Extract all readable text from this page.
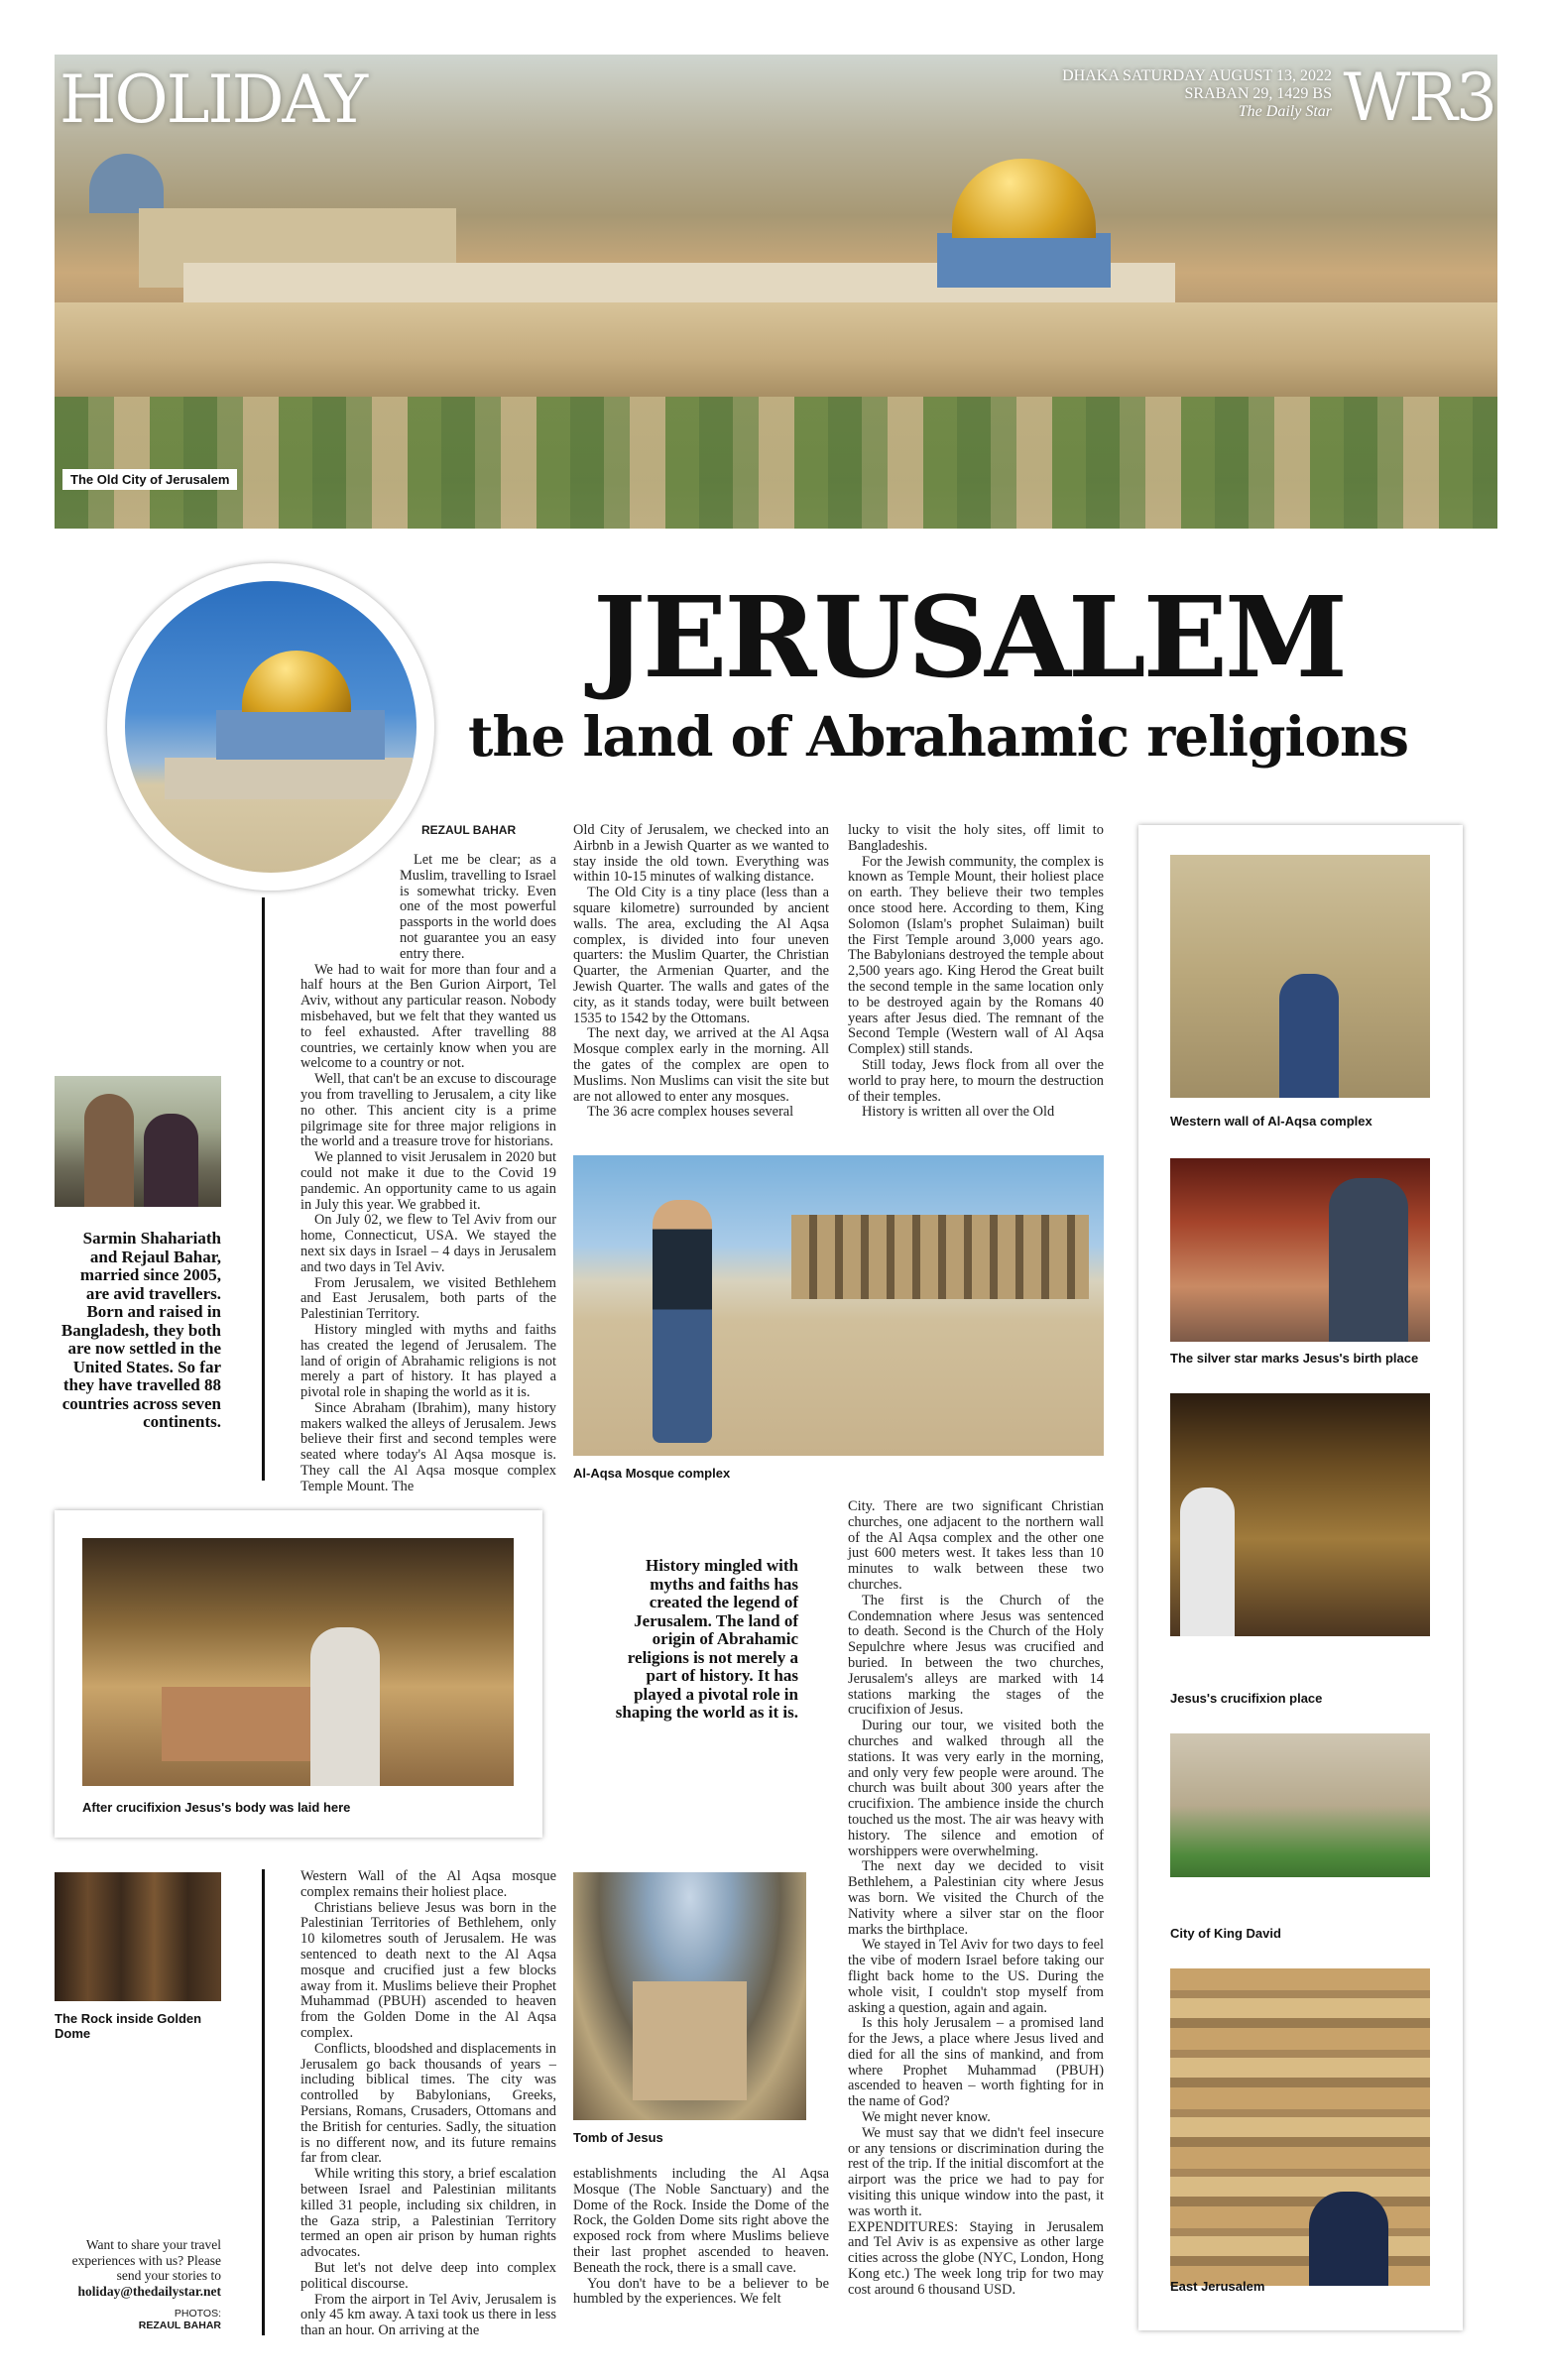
HOLIDAY	DHAKA SATURDAY AUGUST 13, 2022
SRABAN 29, 1429 BS
The Daily Star WR3
The Old City of Jerusalem
JERUSALEM
the land of Abrahamic religions
REZAUL BAHAR

Let me be clear; as a Muslim, travelling to Israel is somewhat tricky. Even one of the most powerful passports in the world does not guarantee you an easy entry there.

We had to wait for more than four and a half hours at the Ben Gurion Airport, Tel Aviv, without any particular reason. Nobody misbehaved, but we felt that they wanted us to feel exhausted. After travelling 88 countries, we certainly know when you are welcome to a country or not.

Well, that can't be an excuse to discourage you from travelling to Jerusalem, a city like no other. This ancient city is a prime pilgrimage site for three major religions in the world and a treasure trove for historians.

We planned to visit Jerusalem in 2020 but could not make it due to the Covid 19 pandemic. An opportunity came to us again in July this year. We grabbed it.

On July 02, we flew to Tel Aviv from our home, Connecticut, USA. We stayed the next six days in Israel – 4 days in Jerusalem and two days in Tel Aviv.

From Jerusalem, we visited Bethlehem and East Jerusalem, both parts of the Palestinian Territory.

History mingled with myths and faiths has created the legend of Jerusalem. The land of origin of Abrahamic religions is not merely a part of history. It has played a pivotal role in shaping the world as it is.

Since Abraham (Ibrahim), many history makers walked the alleys of Jerusalem. Jews believe their first and second temples were seated where today's Al Aqsa mosque is. They call the Al Aqsa mosque complex Temple Mount. The

Old City of Jerusalem, we checked into an Airbnb in a Jewish Quarter as we wanted to stay inside the old town. Everything was within 10-15 minutes of walking distance.

The Old City is a tiny place (less than a square kilometre) surrounded by ancient walls. The area, excluding the Al Aqsa complex, is divided into four uneven quarters: the Muslim Quarter, the Christian Quarter, the Armenian Quarter, and the Jewish Quarter. The walls and gates of the city, as it stands today, were built between 1535 to 1542 by the Ottomans.

The next day, we arrived at the Al Aqsa Mosque complex early in the morning. All the gates of the complex are open to Muslims. Non Muslims can visit the site but are not allowed to enter any mosques.

The 36 acre complex houses several

lucky to visit the holy sites, off limit to Bangladeshis.

For the Jewish community, the complex is known as Temple Mount, their holiest place on earth. They believe their two temples once stood here. According to them, King Solomon (Islam's prophet Sulaiman) built the First Temple around 3,000 years ago. The Babylonians destroyed the temple about 2,500 years ago. King Herod the Great built the second temple in the same location only to be destroyed again by the Romans 40 years after Jesus died. The remnant of the Second Temple (Western wall of Al Aqsa Complex) still stands.

Still today, Jews flock from all over the world to pray here, to mourn the destruction of their temples.

History is written all over the Old

Sarmin Shahariath and Rejaul Bahar, married since 2005, are avid travellers. Born and raised in Bangladesh, they both are now settled in the United States. So far they have travelled 88 countries across seven continents.
Al-Aqsa Mosque complex
After crucifixion Jesus's body was laid here
History mingled with myths and faiths has created the legend of Jerusalem. The land of origin of Abrahamic religions is not merely a part of history. It has played a pivotal role in shaping the world as it is.

City. There are two significant Christian churches, one adjacent to the northern wall of the Al Aqsa complex and the other one just 600 meters west. It takes less than 10 minutes to walk between these two churches.

The first is the Church of the Condemnation where Jesus was sentenced to death. Second is the Church of the Holy Sepulchre where Jesus was crucified and buried. In between the two churches, Jerusalem's alleys are marked with 14 stations marking the stages of the crucifixion of Jesus.

During our tour, we visited both the churches and walked through all the stations. It was very early in the morning, and only very few people were around. The church was built about 300 years after the crucifixion. The ambience inside the church touched us the most. The air was heavy with history. The silence and emotion of worshippers were overwhelming.

The next day we decided to visit Bethlehem, a Palestinian city where Jesus was born. We visited the Church of the Nativity where a silver star on the floor marks the birthplace.

We stayed in Tel Aviv for two days to feel the vibe of modern Israel before taking our flight back home to the US. During the whole visit, I couldn't stop myself from asking a question, again and again.

Is this holy Jerusalem – a promised land for the Jews, a place where Jesus lived and died for all the sins of mankind, and from where Prophet Muhammad (PBUH) ascended to heaven – worth fighting for in the name of God?

We might never know.

We must say that we didn't feel insecure or any tensions or discrimination during the rest of the trip. If the initial discomfort at the airport was the price we had to pay for visiting this unique window into the past, it was worth it.

EXPENDITURES: Staying in Jerusalem and Tel Aviv is as expensive as other large cities across the globe (NYC, London, Hong Kong etc.) The week long trip for two may cost around 6 thousand USD.

The Rock inside Golden Dome

Western Wall of the Al Aqsa mosque complex remains their holiest place.

Christians believe Jesus was born in the Palestinian Territories of Bethlehem, only 10 kilometres south of Jerusalem. He was sentenced to death next to the Al Aqsa mosque and crucified just a few blocks away from it. Muslims believe their Prophet Muhammad (PBUH) ascended to heaven from the Golden Dome in the Al Aqsa complex.

Conflicts, bloodshed and displacements in Jerusalem go back thousands of years – including biblical times. The city was controlled by Babylonians, Greeks, Persians, Romans, Crusaders, Ottomans and the British for centuries. Sadly, the situation is no different now, and its future remains far from clear.

While writing this story, a brief escalation between Israel and Palestinian militants killed 31 people, including six children, in the Gaza strip, a Palestinian Territory termed an open air prison by human rights advocates.

But let's not delve deep into complex political discourse.

From the airport in Tel Aviv, Jerusalem is only 45 km away. A taxi took us there in less than an hour. On arriving at the

Tomb of Jesus

establishments including the Al Aqsa Mosque (The Noble Sanctuary) and the Dome of the Rock. Inside the Dome of the Rock, the Golden Dome sits right above the exposed rock from where Muslims believe their last prophet ascended to heaven. Beneath the rock, there is a small cave.

You don't have to be a believer to be humbled by the experiences. We felt

Western wall of Al-Aqsa complex
The silver star marks Jesus's birth place
Jesus's crucifixion place
City of King David
East Jerusalem
Want to share your travel experiences with us? Please send your stories to
holiday@thedailystar.net
PHOTOS:
REZAUL BAHAR
